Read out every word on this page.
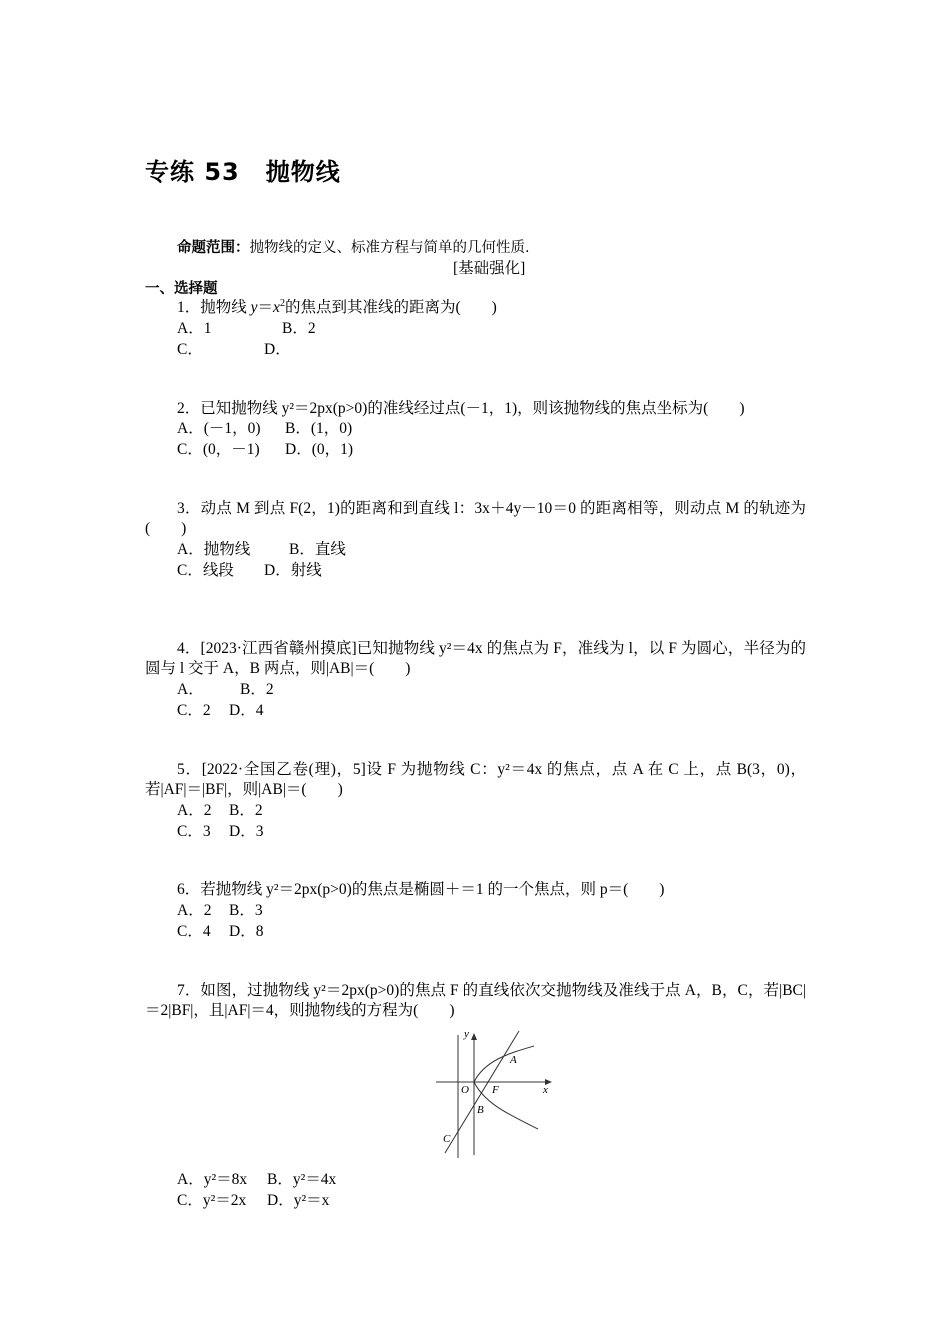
专练 53 抛物线
命题范围：抛物线的定义、标准方程与简单的几何性质.
[基础强化]
一、选择题
1．抛物线 $y=x^2$的焦点到其准线的距离为(　　)
A．1	B．2
C．	D．
2．已知抛物线 y²＝2px(p>0)的准线经过点(－1，1)，则该抛物线的焦点坐标为(　　)
A．(－1，0) B．(1，0)
C．(0，－1) D．(0，1)
3．动点 M 到点 F(2，1)的距离和到直线 l：3x＋4y－10＝0 的距离相等，则动点 M 的轨迹为(　　)
A．抛物线	B．直线
C．线段 D．射线
4．[2023·江西省赣州摸底]已知抛物线 y²＝4x 的焦点为 F，准线为 l，以 F 为圆心，半径为的圆与 l 交于 A，B 两点，则|AB|＝(　　)
A． B．2
C．2 D．4
5．[2022·全国乙卷(理)，5]设 F 为抛物线 C：y²＝4x 的焦点，点 A 在 C 上，点 B(3，0)，若|AF|＝|BF|，则|AB|＝(　　)
A．2 B．2
C．3 D．3
6．若抛物线 y²＝2px(p>0)的焦点是椭圆＋＝1 的一个焦点，则 p＝(　　)
A．2 B．3
C．4 D．8
7．如图，过抛物线 y²＝2px(p>0)的焦点 F 的直线依次交抛物线及准线于点 A，B，C，若|BC|＝2|BF|，且|AF|＝4，则抛物线的方程为(　　)
y
x
O F
A
B
C
A．y²＝8x B．y²＝4x
C．y²＝2x D．y²＝x
